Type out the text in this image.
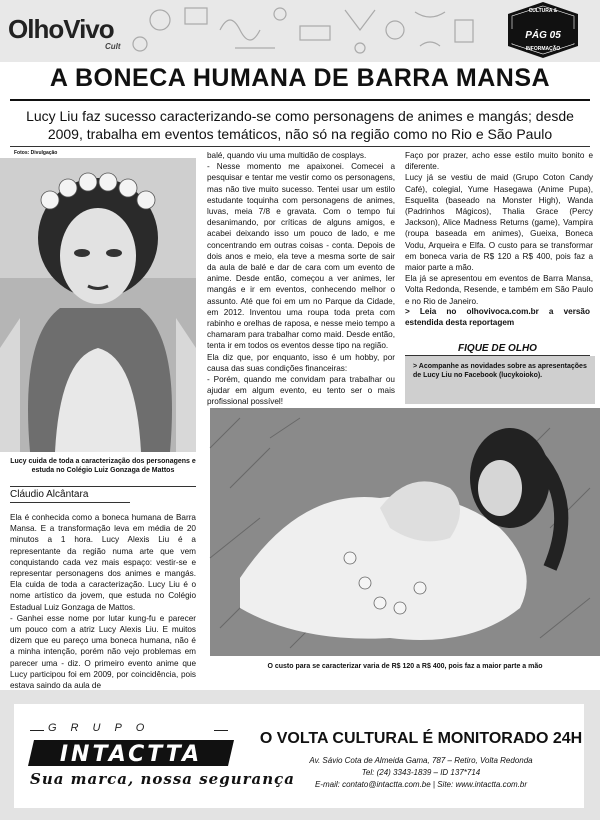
OlhoVivo
Cult
CULTURA &
PÁG 05
INFORMAÇÃO
A BONECA HUMANA DE BARRA MANSA
Lucy Liu faz sucesso caracterizando-se como personagens de animes e mangás; desde 2009, trabalha em eventos temáticos, não só na região como no Rio e São Paulo
Fotos: Divulgação
Lucy cuida de toda a caracterização dos personagens e estuda no Colégio Luiz Gonzaga de Mattos
Cláudio Alcântara

Ela é conhecida como a boneca humana de Barra Mansa. E a transformação leva em média de 20 minutos a 1 hora. Lucy Alexis Liu é a representante da região numa arte que vem conquistando cada vez mais espaço: vestir-se e representar personagens dos animes e mangás. Ela cuida de toda a caracterização. Lucy Liu é o nome artístico da jovem, que estuda no Colégio Estadual Luiz Gonzaga de Mattos.

- Ganhei esse nome por lutar kung-fu e parecer um pouco com a atriz Lucy Alexis Liu. E muitos dizem que eu pareço uma boneca humana, não é a minha intenção, porém não vejo problemas em parecer uma - diz. O primeiro evento anime que Lucy participou foi em 2009, por coincidência, pois estava saindo da aula de

balé, quando viu uma multidão de cosplays.

- Nesse momento me apaixonei. Comecei a pesquisar e tentar me vestir como os personagens, mas não tive muito sucesso. Tentei usar um estilo estudante toquinha com personagens de animes, luvas, meia 7/8 e gravata. Com o tempo fui desanimando, por críticas de alguns amigos, e acabei deixando isso um pouco de lado, e me concentrando em outras coisas - conta. Depois de dois anos e meio, ela teve a mesma sorte de sair da aula de balé e dar de cara com um evento de anime. Desde então, começou a ver animes, ler mangás e ir em eventos, conhecendo melhor o assunto. Até que foi em um no Parque da Cidade, em 2012. Inventou uma roupa toda preta com rabinho e orelhas de raposa, e nesse meio tempo a chamaram para trabalhar como maid. Desde então, tenta ir em todos os eventos desse tipo na região.

Ela diz que, por enquanto, isso é um hobby, por causa das suas condições financeiras:

- Porém, quando me convidam para trabalhar ou ajudar em algum evento, eu tento ser o mais profissional possível!

Faço por prazer, acho esse estilo muito bonito e diferente.

Lucy já se vestiu de maid (Grupo Coton Candy Café), colegial, Yume Hasegawa (Anime Pupa), Esquelita (baseado na Monster High), Wanda (Padrinhos Mágicos), Thalia Grace (Percy Jackson), Alice Madness Returns (game), Vampira (roupa baseada em animes), Gueixa, Boneca Vodu, Arqueira e Elfa. O custo para se transformar em boneca varia de R$ 120 a R$ 400, pois faz a maior parte a mão.

Ela já se apresentou em eventos de Barra Mansa, Volta Redonda, Resende, e também em São Paulo e no Rio de Janeiro.

> Leia no olhovivoca.com.br a versão estendida desta reportagem
FIQUE DE OLHO
> Acompanhe as novidades sobre as apresentações de Lucy Liu no Facebook (lucykoioko).
O custo para se caracterizar varia de R$ 120 a R$ 400, pois faz a maior parte a mão
GRUPO
INTACTTA
Sua marca, nossa segurança
O VOLTA CULTURAL É MONITORADO 24H
Av. Sávio Cota de Almeida Gama, 787 – Retiro, Volta Redonda
Tel: (24) 3343-1839 – ID 137*714
E-mail: contato@intactta.com.be | Site: www.intactta.com.br
